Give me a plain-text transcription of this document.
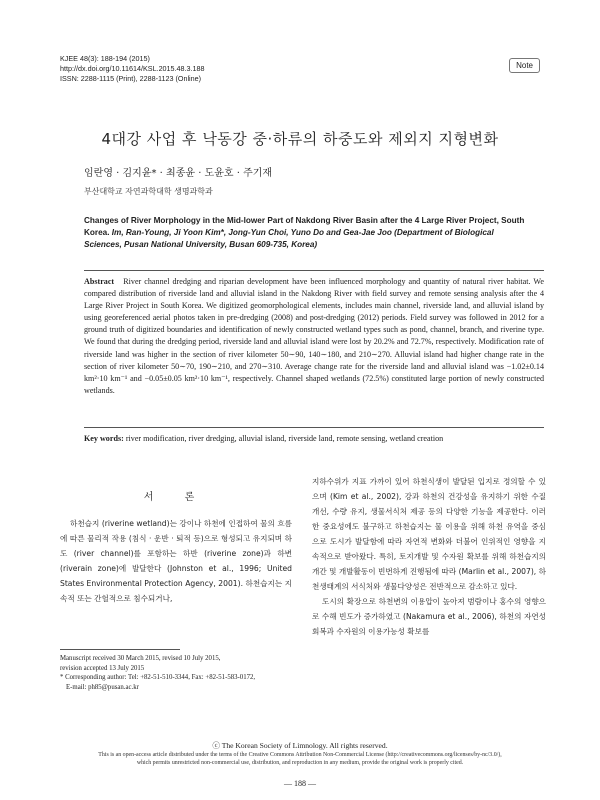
KJEE 48(3): 188-194 (2015)
http://dx.doi.org/10.11614/KSL.2015.48.3.188
ISSN: 2288-1115 (Print), 2288-1123 (Online)
Note
4대강 사업 후 낙동강 중·하류의 하중도와 제외지 지형변화
임란영 · 김지윤* · 최종윤 · 도윤호 · 주기재
부산대학교 자연과학대학 생명과학과
Changes of River Morphology in the Mid-lower Part of Nakdong River Basin after the 4 Large River Project, South Korea. Im, Ran-Young, Ji Yoon Kim*, Jong-Yun Choi, Yuno Do and Gea-Jae Joo (Department of Biological Sciences, Pusan National University, Busan 609-735, Korea)
Abstract River channel dredging and riparian development have been influenced morphology and quantity of natural river habitat. We compared distribution of riverside land and alluvial island in the Nakdong River with field survey and remote sensing analysis after the 4 Large River Project in South Korea. We digitized geomorphological elements, includes main channel, riverside land, and alluvial island by using georeferenced aerial photos taken in pre-dredging (2008) and post-dredging (2012) periods. Field survey was followed in 2012 for a ground truth of digitized boundaries and identification of newly constructed wetland types such as pond, channel, branch, and riverine type. We found that during the dredging period, riverside land and alluvial island were lost by 20.2% and 72.7%, respectively. Modification rate of riverside land was higher in the section of river kilometer 50∼90, 140∼180, and 210∼270. Alluvial island had higher change rate in the section of river kilometer 50∼70, 190∼210, and 270∼310. Average change rate for the riverside land and alluvial island was −1.02±0.14 km²·10 km⁻¹ and −0.05±0.05 km²·10 km⁻¹, respectively. Channel shaped wetlands (72.5%) constituted large portion of newly constructed wetlands.
Key words: river modification, river dredging, alluvial island, riverside land, remote sensing, wetland creation
서 론
하천습지 (riverine wetland)는 강이나 하천에 인접하여 물의 흐름에 따른 물리적 작용 (침식 · 운반 · 퇴적 등)으로 형성되고 유지되며 하도 (river channel)를 포함하는 하반 (riverine zone)과 하변 (riverain zone)에 발달한다 (Johnston et al., 1996; United States Environmental Protection Agency, 2001). 하천습지는 지속적 또는 간헐적으로 침수되거나,
지하수위가 지표 가까이 있어 하천식생이 발달된 입지로 정의할 수 있으며 (Kim et al., 2002), 강과 하천의 건강성을 유지하기 위한 수질 개선, 수량 유지, 생물서식처 제공 등의 다양한 기능을 제공한다. 이러한 중요성에도 불구하고 하천습지는 물 이용을 위해 하천 유역을 중심으로 도시가 발달함에 따라 자연적 변화와 더불어 인위적인 영향을 지속적으로 받아왔다. 특히, 토지개발 및 수자원 확보를 위해 하천습지의 개간 및 개발활동이 빈번하게 진행됨에 따라 (Marlin et al., 2007), 하천생태계의 서식처와 생물다양성은 전반적으로 감소하고 있다.
도시의 확장으로 하천변의 이용압이 높아져 범람이나 홍수의 영향으로 수해 빈도가 증가하였고 (Nakamura et al., 2006), 하천의 자연성 회복과 수자원의 이용가능성 확보를
Manuscript received 30 March 2015, revised 10 July 2015,
revision accepted 13 July 2015
* Corresponding author: Tel: +82-51-510-3344, Fax: +82-51-583-0172,
E-mail: ph85@pusan.ac.kr
ⓒ The Korean Society of Limnology. All rights reserved.
This is an open-access article distributed under the terms of the Creative Commons Attribution Non-Commercial License (http://creativecommons.org/licenses/by-nc/3.0/),
which permits unrestricted non-commercial use, distribution, and reproduction in any medium, provide the original work is properly cited.
— 188 —
